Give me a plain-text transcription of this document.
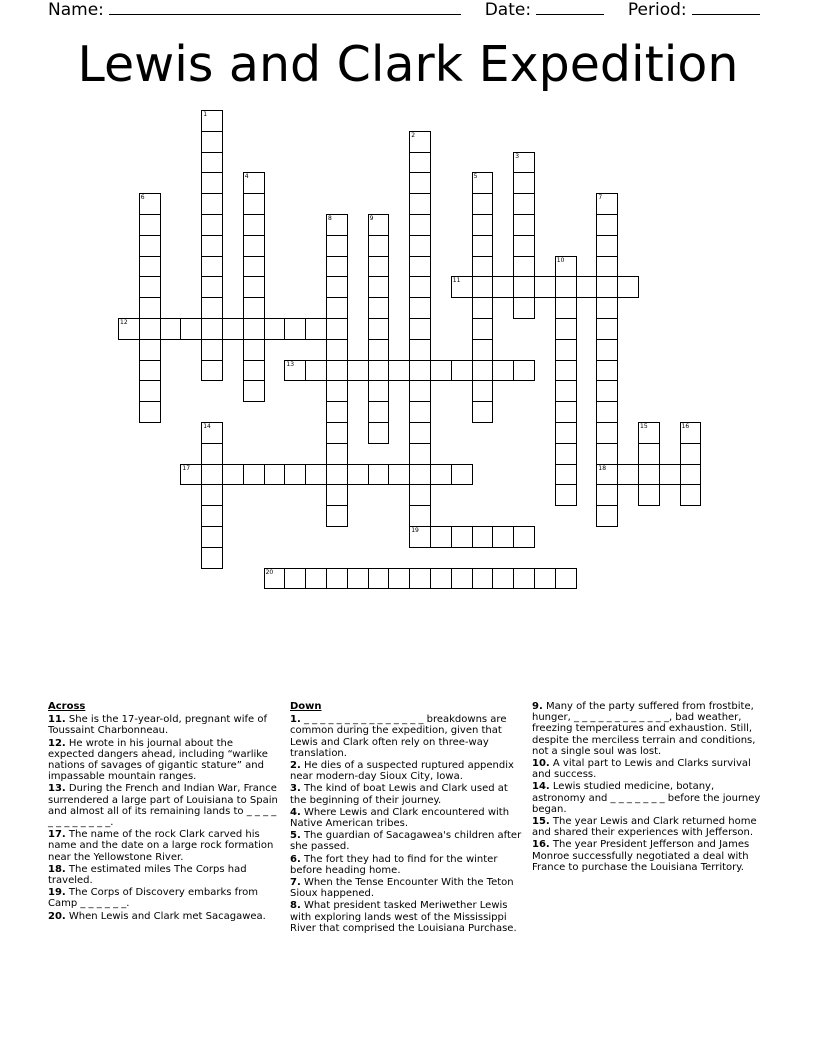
Name:	Date:	Period:
Lewis and Clark Expedition
1
2
3
4	5
6	7
18
8	9
10
11
12
13
14	15	16
17
19
20
Across
11. She is the 17-year-old, pregnant wife of Toussaint Charbonneau.
12. He wrote in his journal about the expected dangers ahead, including “warlike nations of savages of gigantic stature” and impassable mountain ranges.
13. During the French and Indian War, France surrendered a large part of Louisiana to Spain and almost all of its remaining lands to _ _ _ _ _ _ _ _ _ _ _ _.
17. The name of the rock Clark carved his name and the date on a large rock formation near the Yellowstone River.
18. The estimated miles The Corps had traveled.
19. The Corps of Discovery embarks from Camp _ _ _ _ _ _.
20. When Lewis and Clark met Sacagawea.
Down
1. _ _ _ _ _ _ _ _ _ _ _ _ _ _ _ breakdowns are common during the expedition, given that Lewis and Clark often rely on three-way translation.
2. He dies of a suspected ruptured appendix near modern-day Sioux City, Iowa.
3. The kind of boat Lewis and Clark used at the beginning of their journey.
4. Where Lewis and Clark encountered with Native American tribes.
5. The guardian of Sacagawea's children after she passed.
6. The fort they had to find for the winter before heading home.
7. When the Tense Encounter With the Teton Sioux happened.
8. What president tasked Meriwether Lewis with exploring lands west of the Mississippi River that comprised the Louisiana Purchase.
9. Many of the party suffered from frostbite, hunger, _ _ _ _ _ _ _ _ _ _ _ _, bad weather, freezing temperatures and exhaustion. Still, despite the merciless terrain and conditions, not a single soul was lost.
10. A vital part to Lewis and Clarks survival and success.
14. Lewis studied medicine, botany, astronomy and _ _ _ _ _ _ _ before the journey began.
15. The year Lewis and Clark returned home and shared their experiences with Jefferson.
16. The year President Jefferson and James Monroe successfully negotiated a deal with France to purchase the Louisiana Territory.
